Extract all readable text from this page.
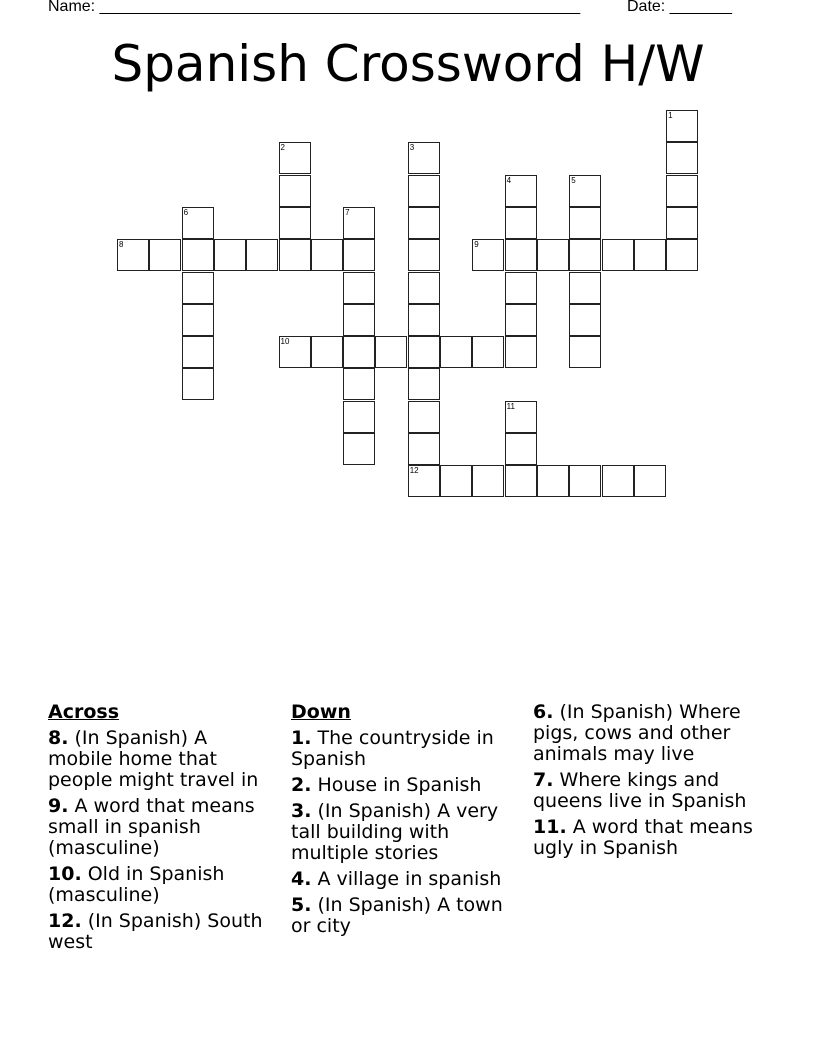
Name: ______________________________________________________	Date: _______
Spanish Crossword H/W
1
2	3
12
4	5
6	7
8	9
10
11
Across
8. (In Spanish) A mobile home that people might travel in
9. A word that means small in spanish (masculine)
10. Old in Spanish (masculine)
12. (In Spanish) South west
Down
1. The countryside in Spanish
2. House in Spanish
3. (In Spanish) A very tall building with multiple stories
4. A village in spanish
5. (In Spanish) A town or city
6. (In Spanish) Where pigs, cows and other animals may live
7. Where kings and queens live in Spanish
11. A word that means ugly in Spanish
